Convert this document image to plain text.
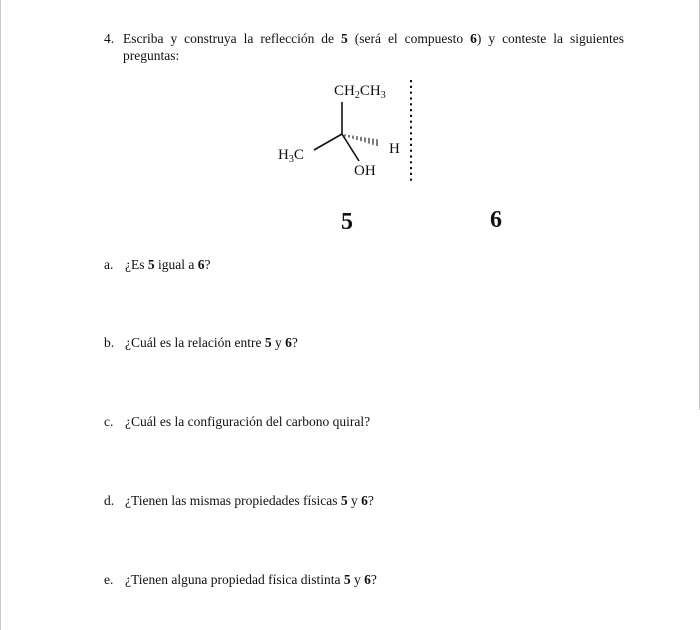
4. Escriba y construya la reflección de 5 (será el compuesto 6) y conteste la siguientes preguntas:
$CH_2CH_3$
$H_3C$	H
OH
5	6
a. ¿Es 5 igual a 6?
b. ¿Cuál es la relación entre 5 y 6?
c. ¿Cuál es la configuración del carbono quiral?
d. ¿Tienen las mismas propiedades físicas 5 y 6?
e. ¿Tienen alguna propiedad física distinta 5 y 6?
